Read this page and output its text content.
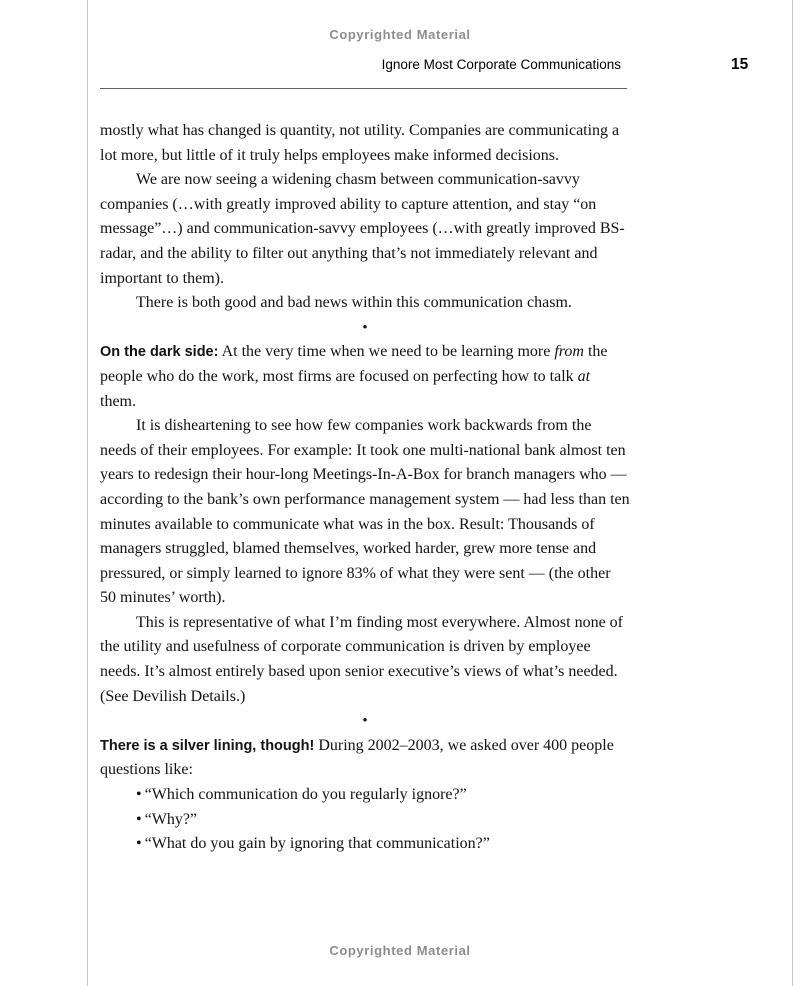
Copyrighted Material
Ignore Most Corporate Communications	15

mostly what has changed is quantity, not utility. Companies are communicating a lot more, but little of it truly helps employees make informed decisions.

We are now seeing a widening chasm between communication-savvy companies (…with greatly improved ability to capture attention, and stay “on message”…) and communication-savvy employees (…with greatly improved BS-radar, and the ability to filter out anything that’s not immediately relevant and important to them).

There is both good and bad news within this communication chasm.

•

On the dark side: At the very time when we need to be learning more from the people who do the work, most firms are focused on perfecting how to talk at them.

It is disheartening to see how few companies work backwards from the needs of their employees. For example: It took one multi-national bank almost ten years to redesign their hour-long Meetings-In-A-Box for branch managers who — according to the bank’s own performance management system — had less than ten minutes available to communicate what was in the box. Result: Thousands of managers struggled, blamed themselves, worked harder, grew more tense and pressured, or simply learned to ignore 83% of what they were sent — (the other 50 minutes’ worth).

This is representative of what I’m finding most everywhere. Almost none of the utility and usefulness of corporate communication is driven by employee needs. It’s almost entirely based upon senior executive’s views of what’s needed. (See Devilish Details.)

•

There is a silver lining, though! During 2002–2003, we asked over 400 people questions like:

• “Which communication do you regularly ignore?”
• “Why?”
• “What do you gain by ignoring that communication?”
Copyrighted Material
